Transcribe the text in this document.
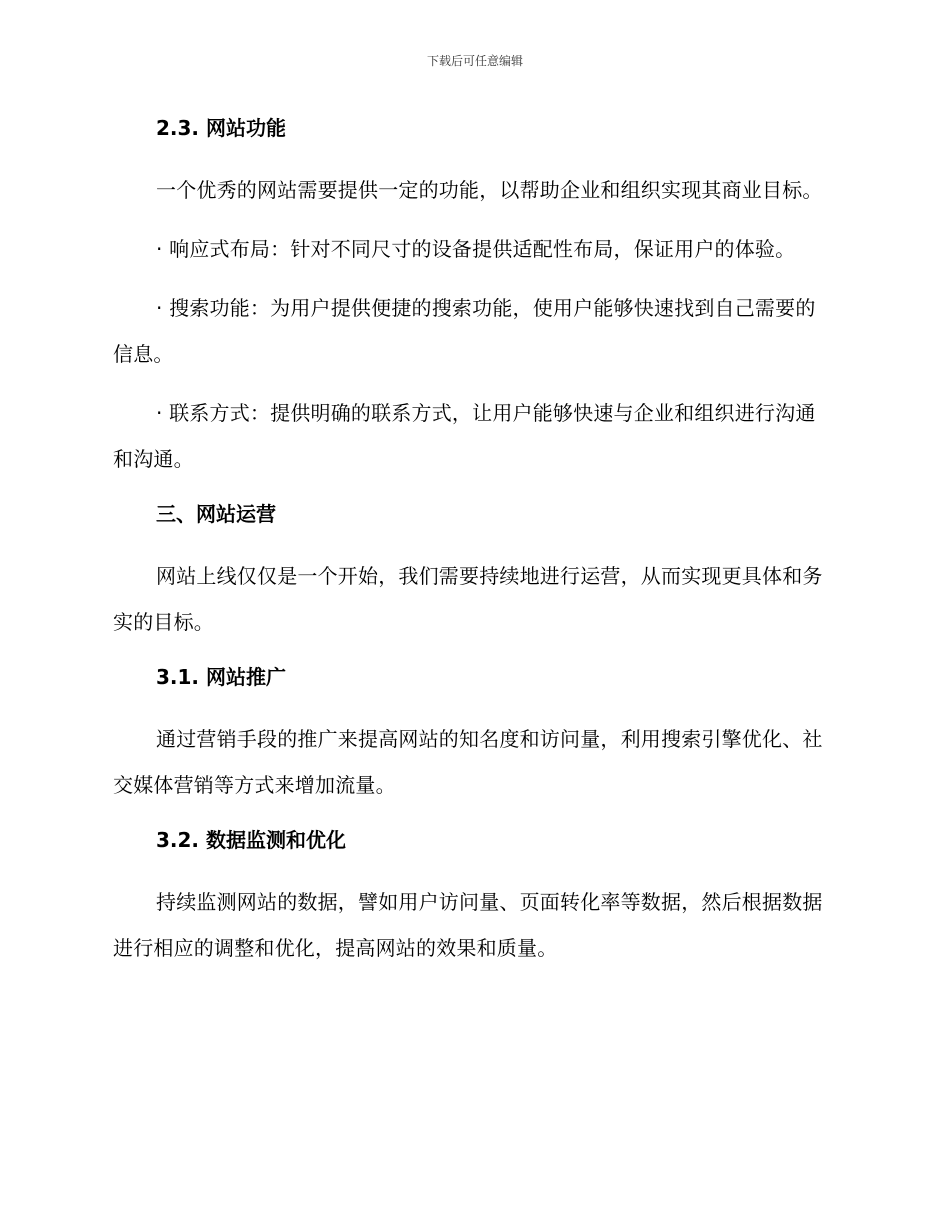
下载后可任意编辑
2.3. 网站功能

一个优秀的网站需要提供一定的功能，以帮助企业和组织实现其商业目标。

· 响应式布局：针对不同尺寸的设备提供适配性布局，保证用户的体验。

· 搜索功能：为用户提供便捷的搜索功能，使用户能够快速找到自己需要的信息。

· 联系方式：提供明确的联系方式，让用户能够快速与企业和组织进行沟通和沟通。

三、网站运营

网站上线仅仅是一个开始，我们需要持续地进行运营，从而实现更具体和务实的目标。

3.1. 网站推广

通过营销手段的推广来提高网站的知名度和访问量，利用搜索引擎优化、社交媒体营销等方式来增加流量。

3.2. 数据监测和优化

持续监测网站的数据，譬如用户访问量、页面转化率等数据，然后根据数据进行相应的调整和优化，提高网站的效果和质量。
